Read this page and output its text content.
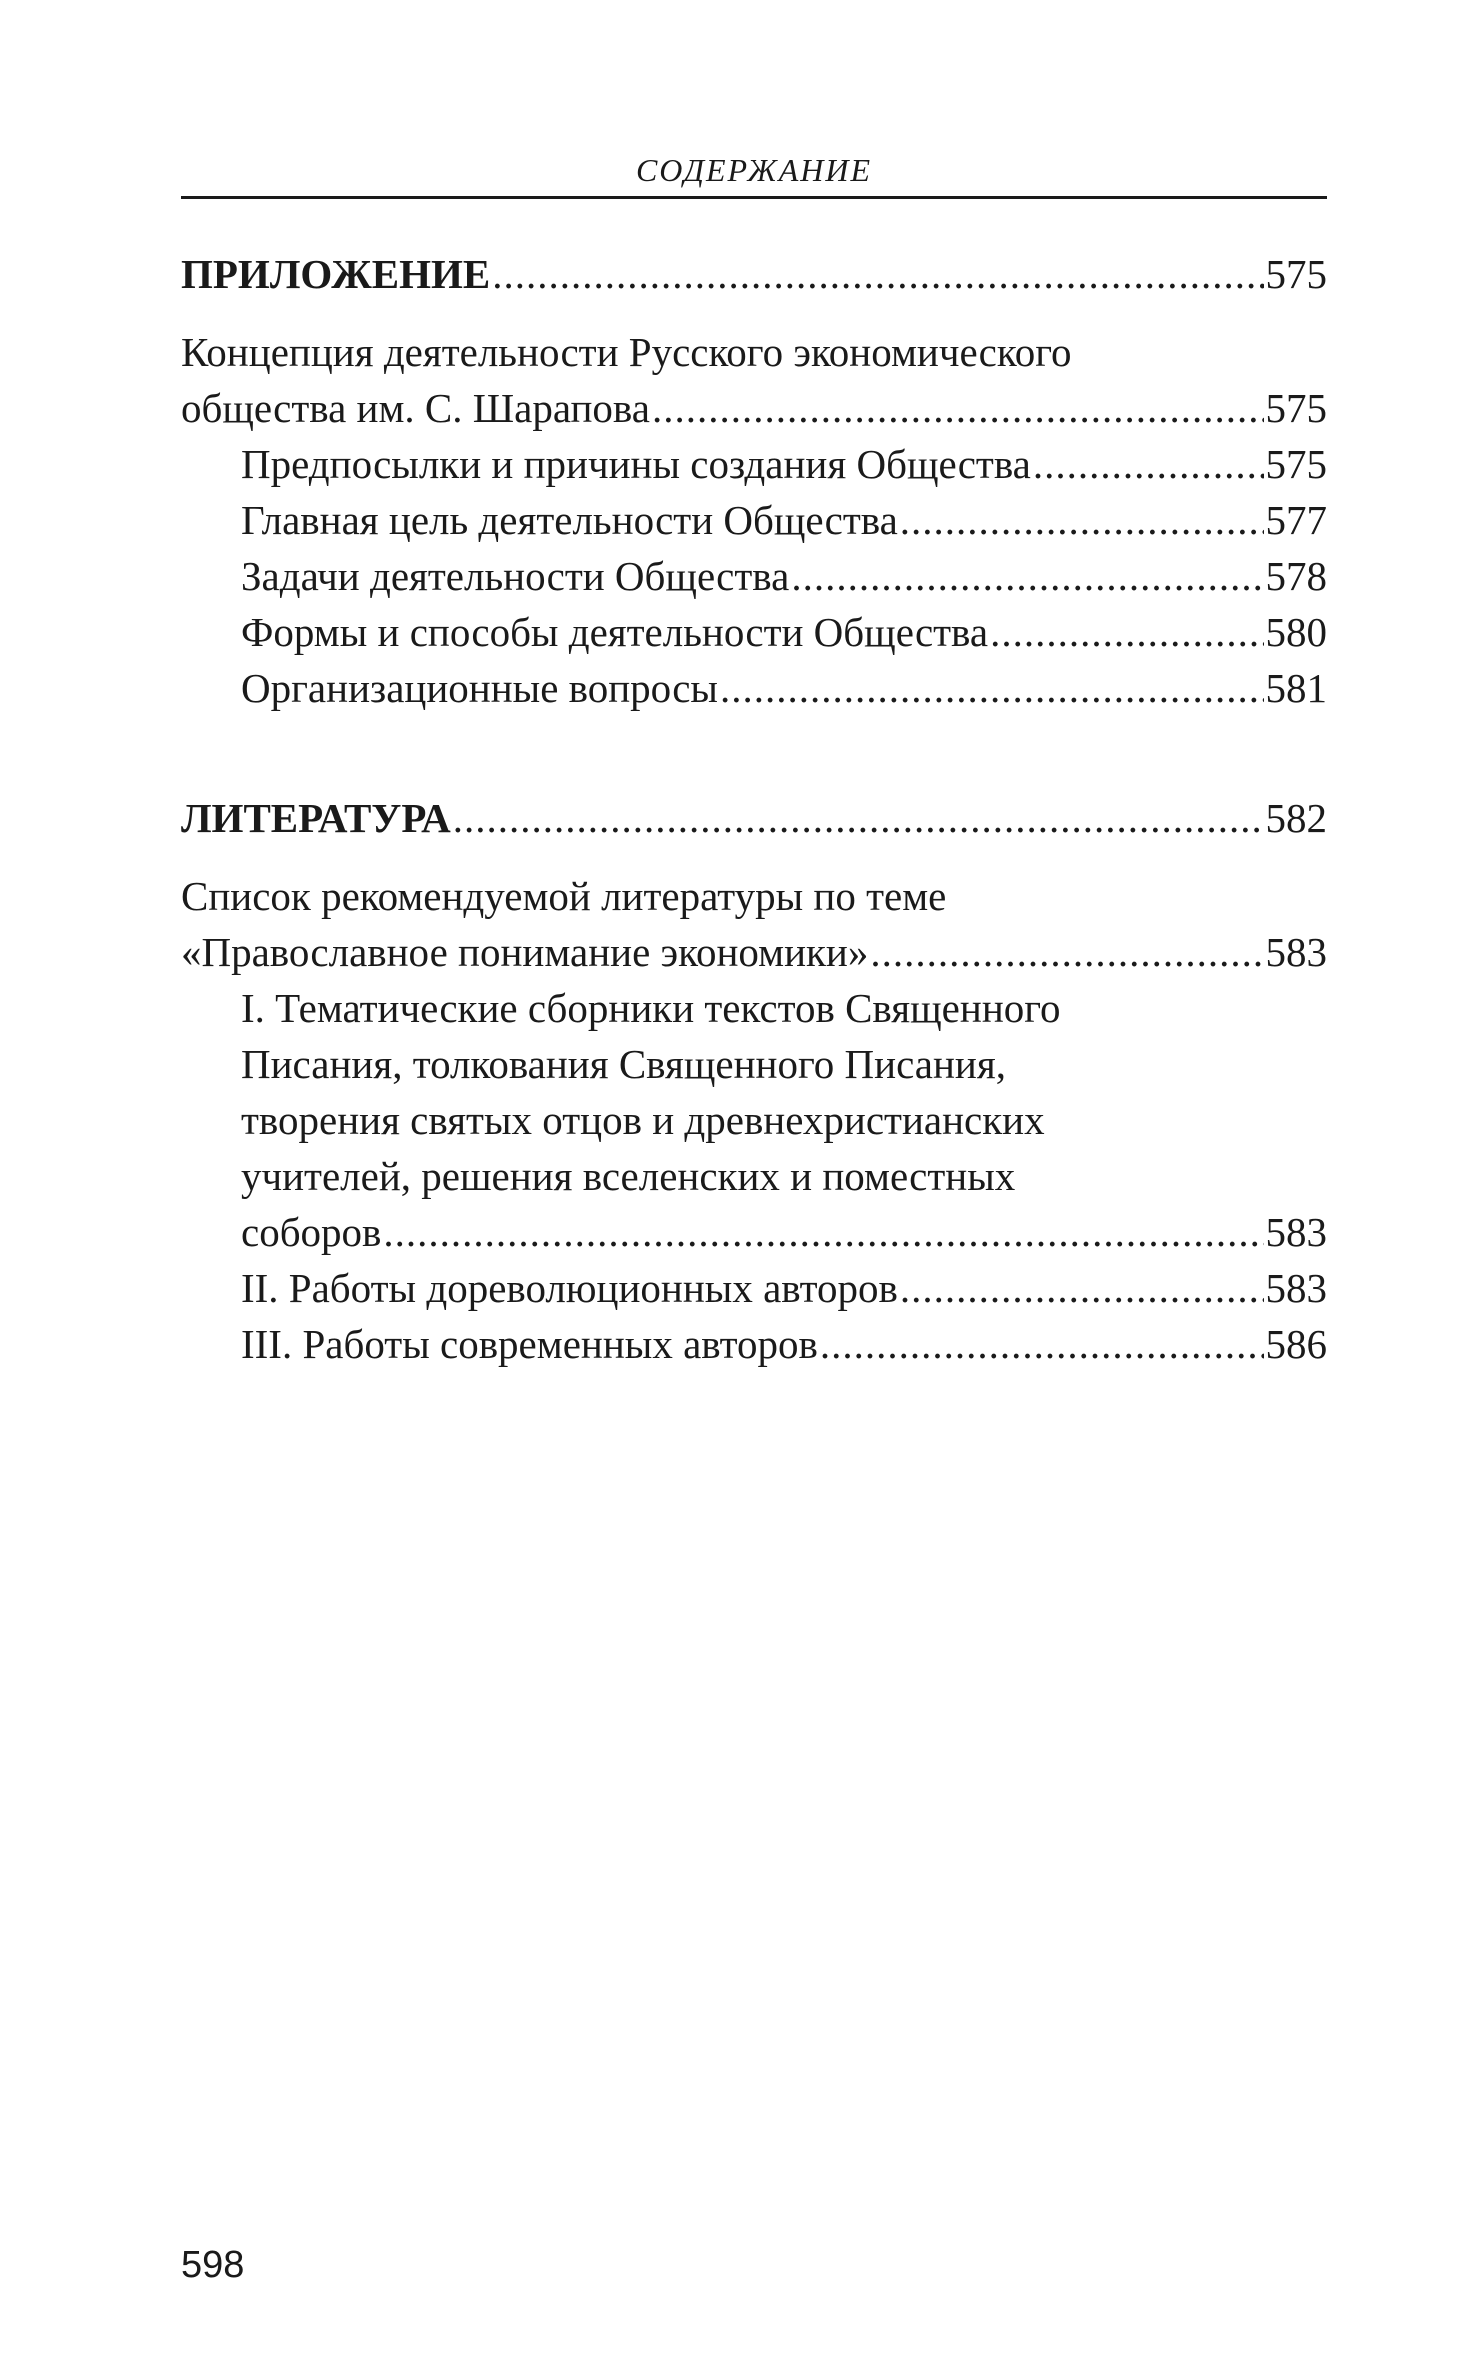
СОДЕРЖАНИЕ
ПРИЛОЖЕНИЕ .....	575
Концепция деятельности Русского экономического
общества им. С. Шарапова .....	575
Предпосылки и причины создания Общества .....	575
Главная цель деятельности Общества .....	577
Задачи деятельности Общества .....	578
Формы и способы деятельности Общества .....	580
Организационные вопросы .....	581
ЛИТЕРАТУРА .....	582
Список рекомендуемой литературы по теме
«Православное понимание экономики» .....	583
I. Тематические сборники текстов Священного
Писания, толкования Священного Писания,
творения святых отцов и древнехристианских
учителей, решения вселенских и поместных
соборов .....	583
II. Работы дореволюционных авторов .....	583
III. Работы современных авторов .....	586
598
